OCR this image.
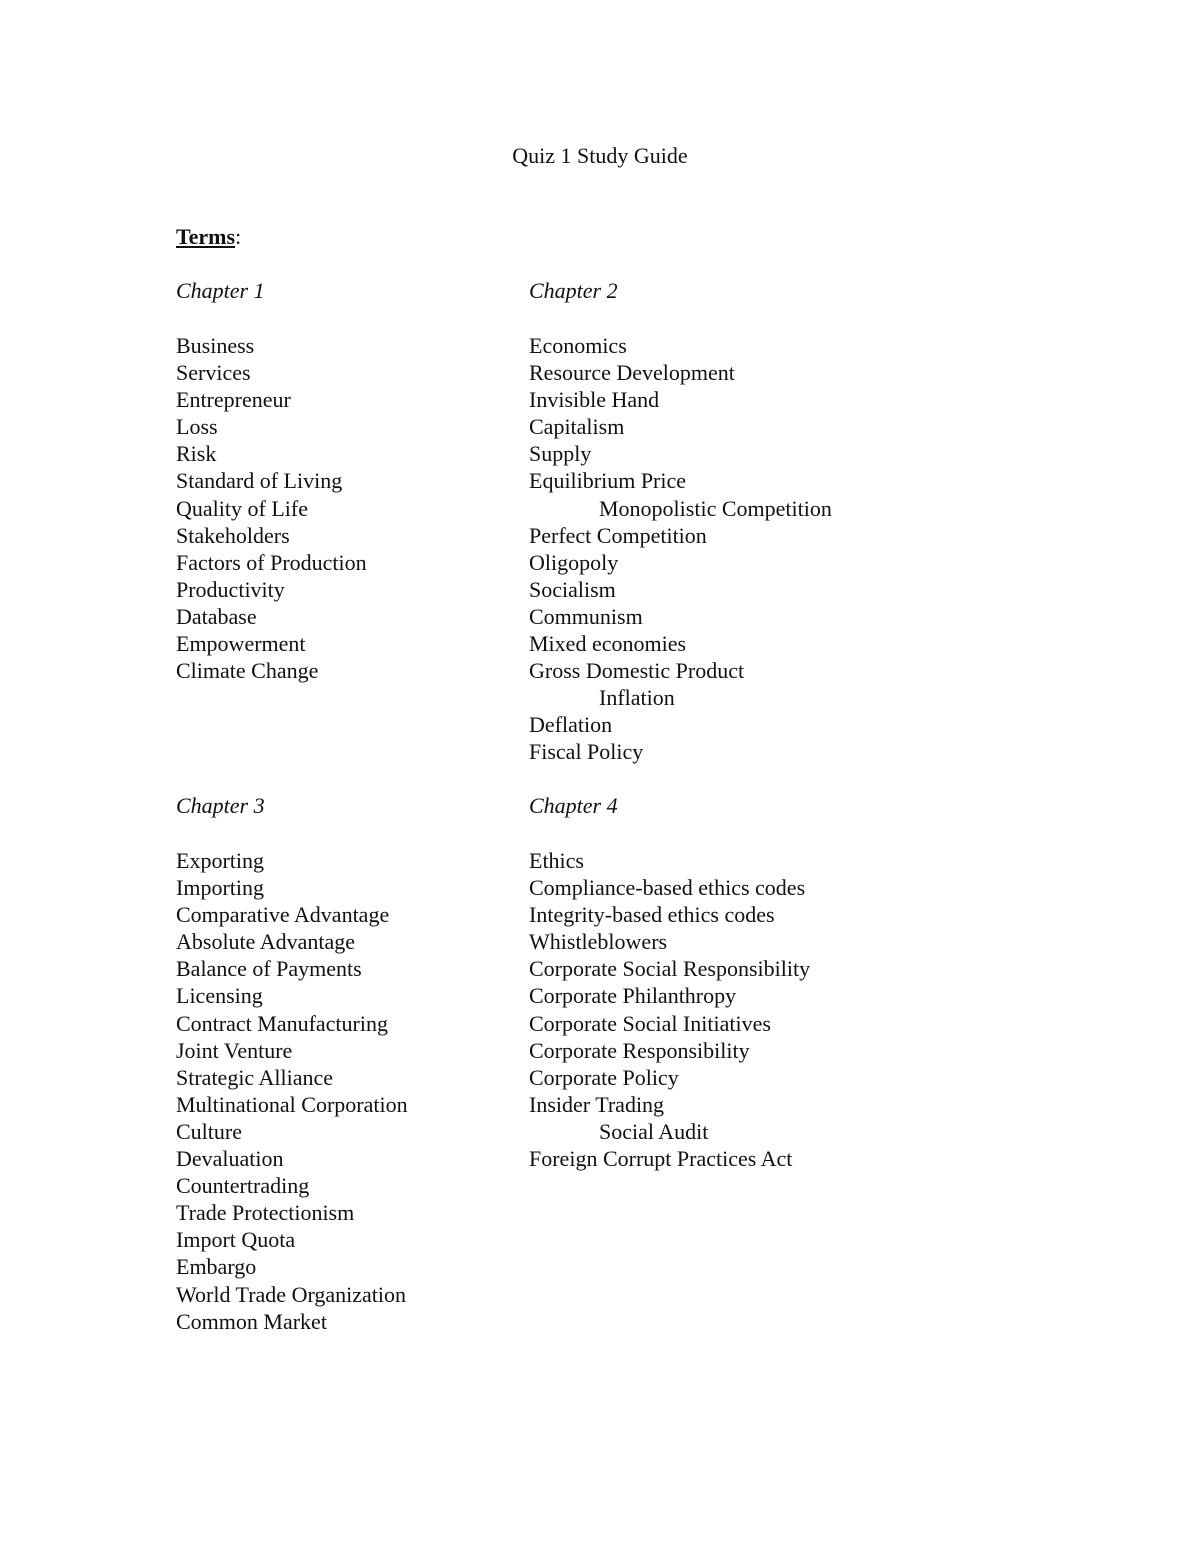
Quiz 1 Study Guide
Terms:
Chapter 1
Business
Services
Entrepreneur
Loss
Risk
Standard of Living
Quality of Life
Stakeholders
Factors of Production
Productivity
Database
Empowerment
Climate Change
Chapter 2
Economics
Resource Development
Invisible Hand
Capitalism
Supply
Equilibrium Price
Monopolistic Competition
Perfect Competition
Oligopoly
Socialism
Communism
Mixed economies
Gross Domestic Product
Inflation
Deflation
Fiscal Policy
Chapter 3
Exporting
Importing
Comparative Advantage
Absolute Advantage
Balance of Payments
Licensing
Contract Manufacturing
Joint Venture
Strategic Alliance
Multinational Corporation
Culture
Devaluation
Countertrading
Trade Protectionism
Import Quota
Embargo
World Trade Organization
Common Market
Chapter 4
Ethics
Compliance-based ethics codes
Integrity-based ethics codes
Whistleblowers
Corporate Social Responsibility
Corporate Philanthropy
Corporate Social Initiatives
Corporate Responsibility
Corporate Policy
Insider Trading
Social Audit
Foreign Corrupt Practices Act
